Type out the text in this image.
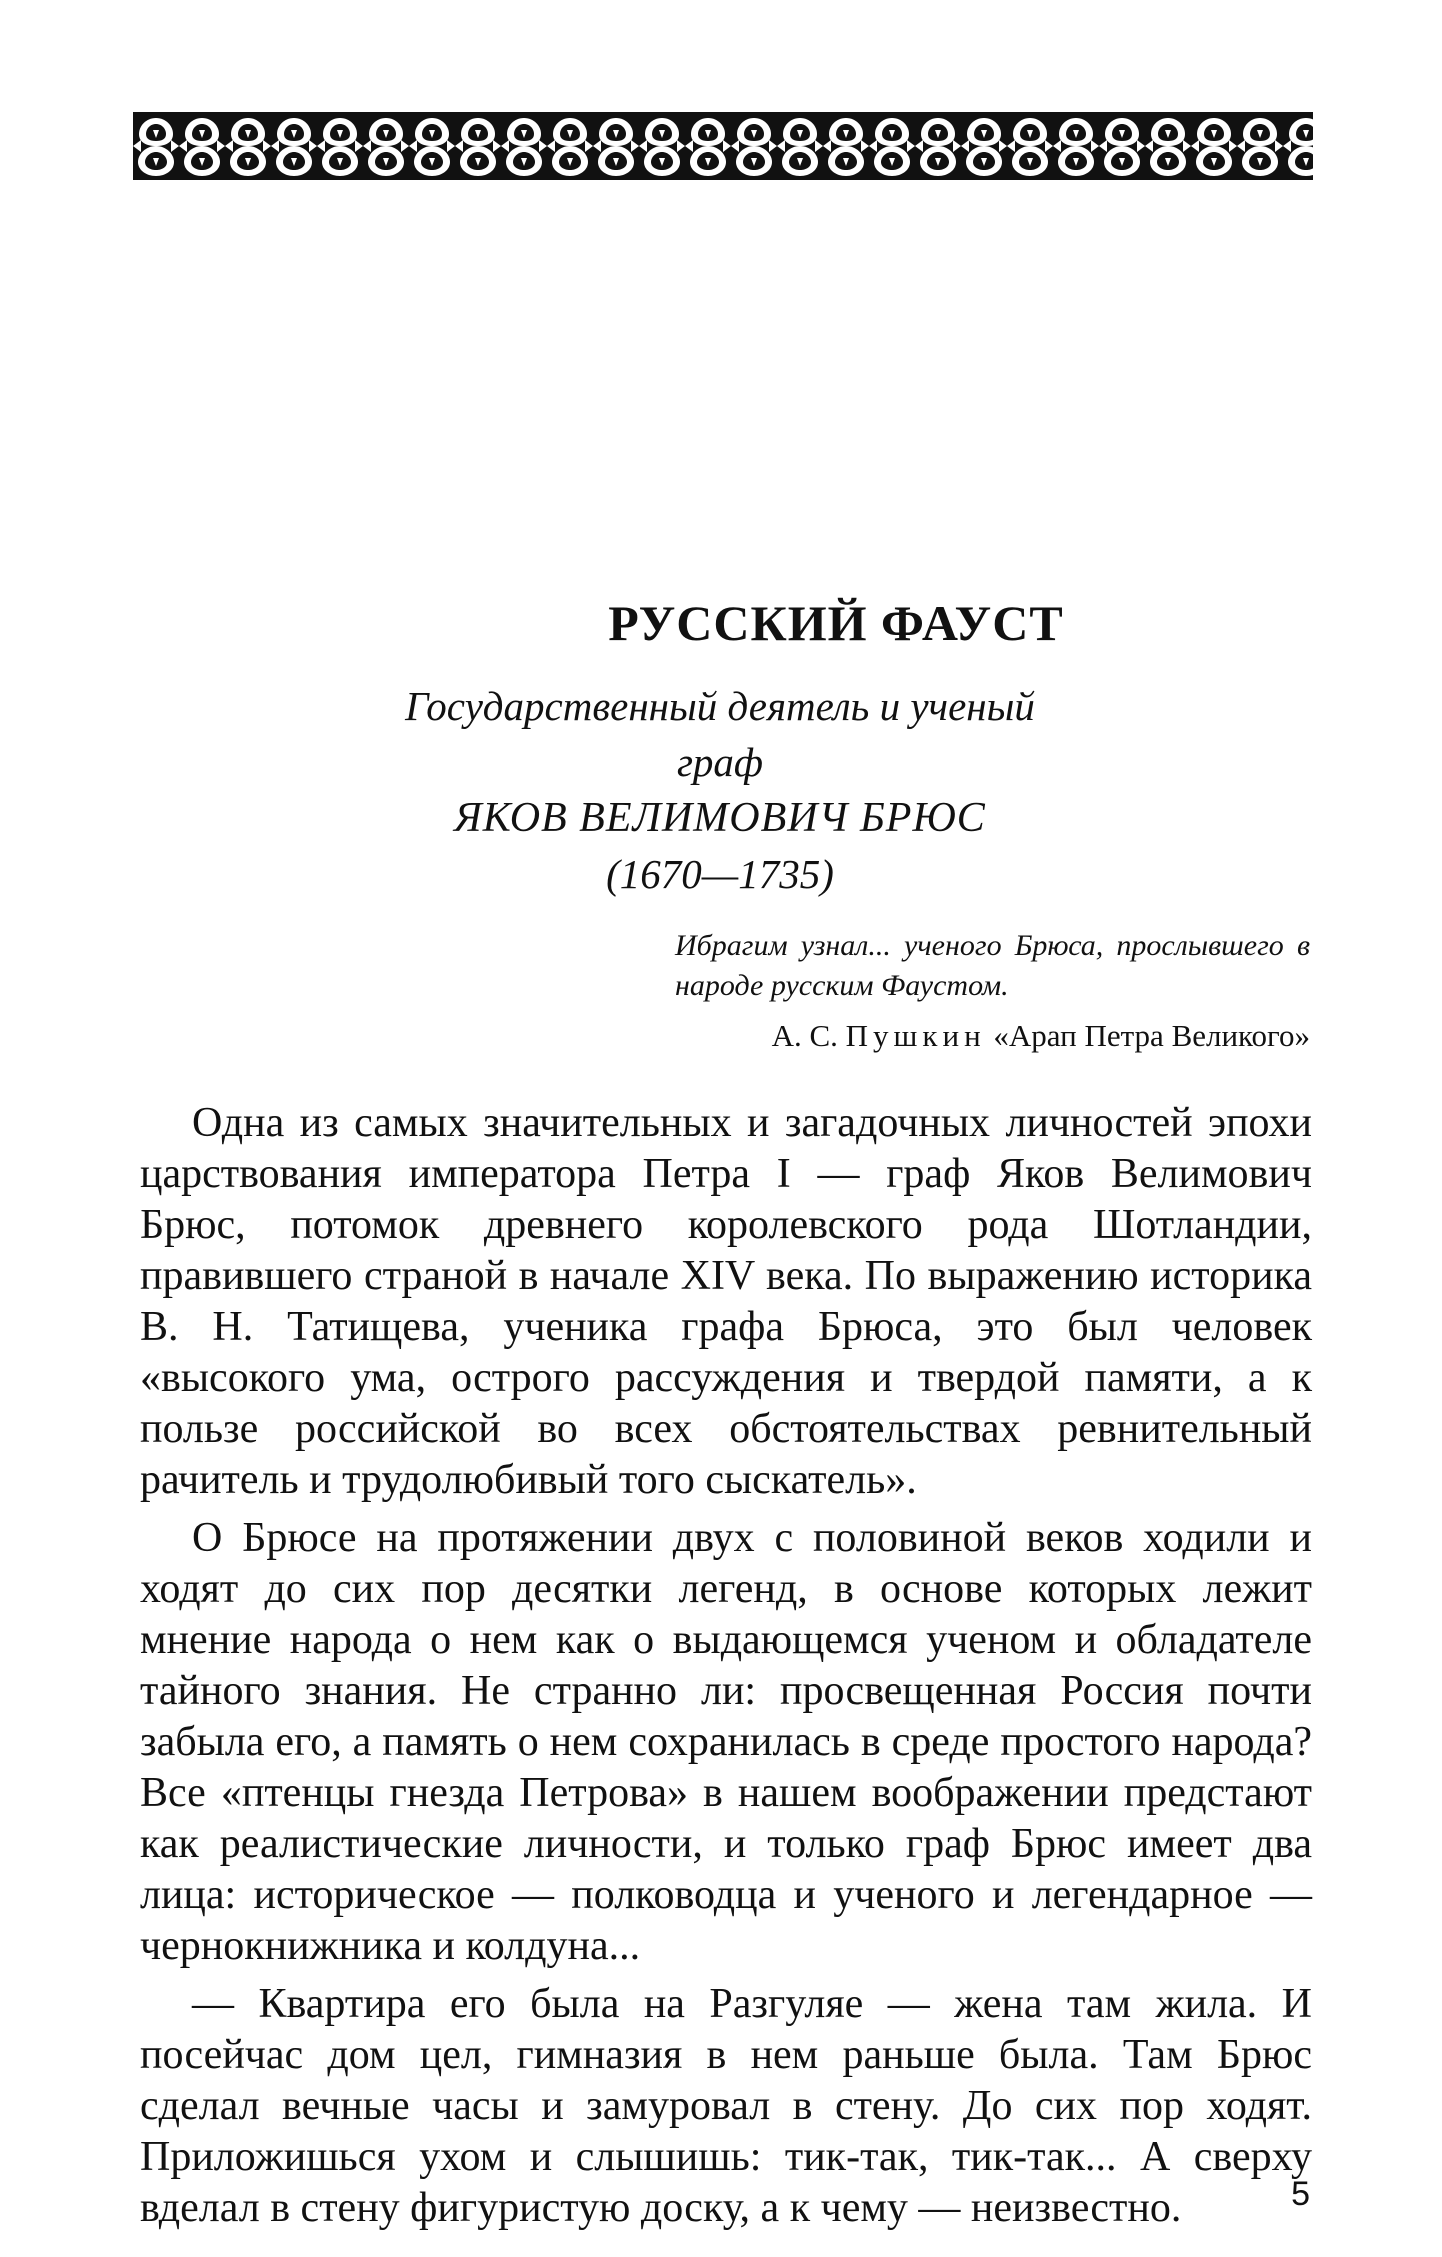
РУССКИЙ ФАУСТ
Государственный деятель и ученый
граф
ЯКОВ ВЕЛИМОВИЧ БРЮС
(1670—1735)
Ибрагим узнал... ученого Брюса, прослывшего в народе русским Фаустом.
А. С. Пушкин «Арап Петра Великого»

Одна из самых значительных и загадочных личностей эпохи царствования императора Петра I — граф Яков Велимович Брюс, потомок древнего королевского рода Шотландии, правившего страной в начале XIV века. По выражению историка В. Н. Татищева, ученика графа Брюса, это был человек «высокого ума, острого рассуждения и твердой памяти, а к пользе российской во всех обстоятельствах ревнительный рачитель и трудолюбивый того сыскатель».

О Брюсе на протяжении двух с половиной веков ходили и ходят до сих пор десятки легенд, в основе которых лежит мнение народа о нем как о выдающемся ученом и обладателе тайного знания. Не странно ли: просвещенная Россия почти забыла его, а память о нем сохранилась в среде простого народа? Все «птенцы гнезда Петрова» в нашем воображении предстают как реалистические личности, и только граф Брюс имеет два лица: историческое — полководца и ученого и легендарное — чернокнижника и колдуна...

— Квартира его была на Разгуляе — жена там жила. И посейчас дом цел, гимназия в нем раньше была. Там Брюс сделал вечные часы и замуровал в стену. До сих пор ходят. Приложишься ухом и слышишь: тик-так, тик-так... А сверху вделал в стену фигуристую доску, а к чему — неизвестно.	5
